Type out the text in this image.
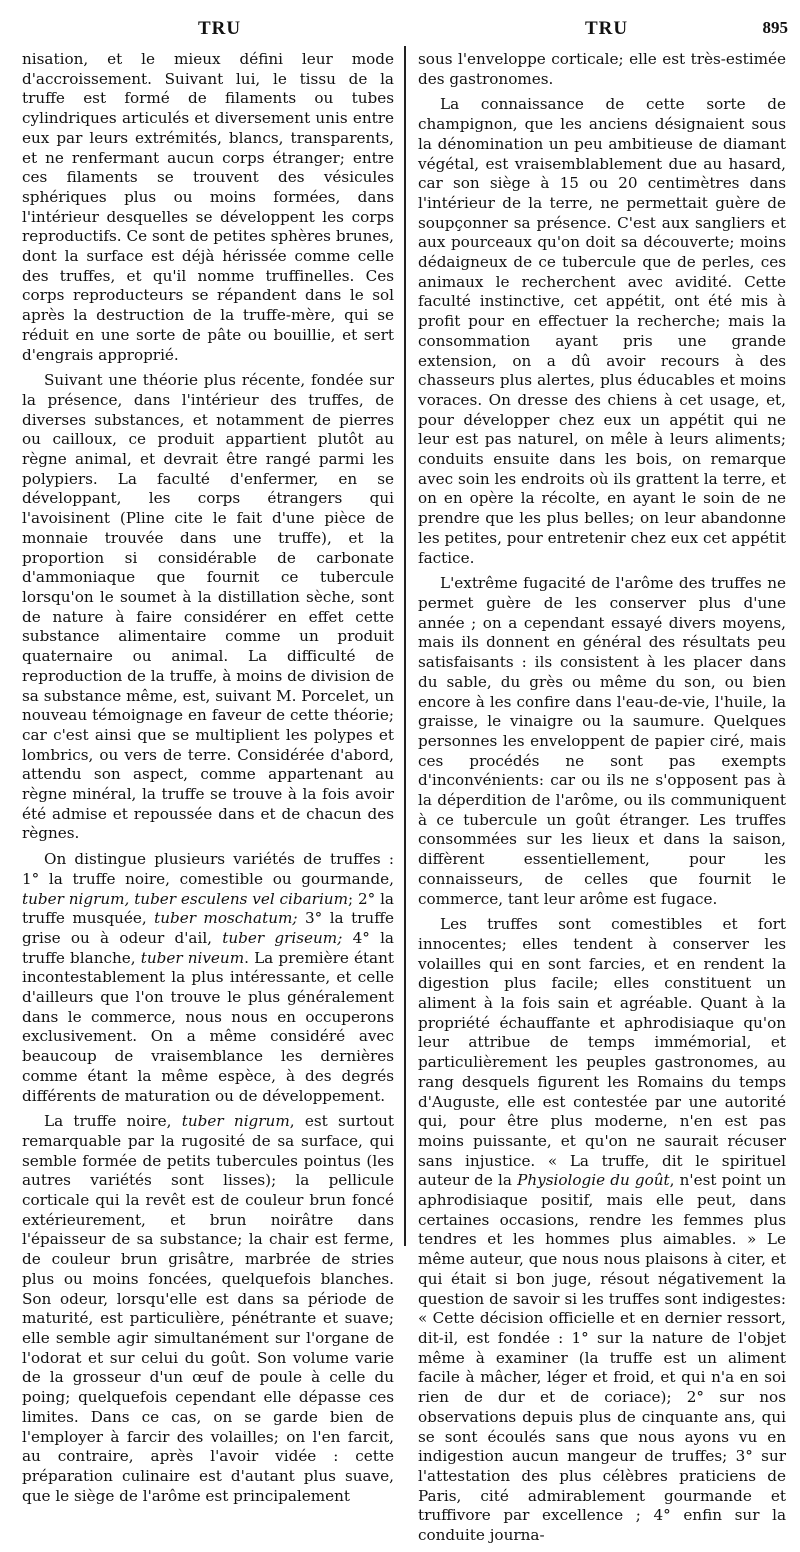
TRU	TRU	895

nisation, et le mieux défini leur mode d'accroissement. Suivant lui, le tissu de la truffe est formé de filaments ou tubes cylindriques articulés et diversement unis entre eux par leurs extrémités, blancs, transparents, et ne renfermant aucun corps étranger; entre ces filaments se trouvent des vésicules sphériques plus ou moins formées, dans l'intérieur desquelles se développent les corps reproductifs. Ce sont de petites sphères brunes, dont la surface est déjà hérissée comme celle des truffes, et qu'il nomme truffinelles. Ces corps reproducteurs se répandent dans le sol après la destruction de la truffe-mère, qui se réduit en une sorte de pâte ou bouillie, et sert d'engrais approprié.

Suivant une théorie plus récente, fondée sur la présence, dans l'intérieur des truffes, de diverses substances, et notamment de pierres ou cailloux, ce produit appartient plutôt au règne animal, et devrait être rangé parmi les polypiers. La faculté d'enfermer, en se développant, les corps étrangers qui l'avoisinent (Pline cite le fait d'une pièce de monnaie trouvée dans une truffe), et la proportion si considérable de carbonate d'ammoniaque que fournit ce tubercule lorsqu'on le soumet à la distillation sèche, sont de nature à faire considérer en effet cette substance alimentaire comme un produit quaternaire ou animal. La difficulté de reproduction de la truffe, à moins de division de sa substance même, est, suivant M. Porcelet, un nouveau témoignage en faveur de cette théorie; car c'est ainsi que se multiplient les polypes et lombrics, ou vers de terre. Considérée d'abord, attendu son aspect, comme appartenant au règne minéral, la truffe se trouve à la fois avoir été admise et repoussée dans et de chacun des règnes.

On distingue plusieurs variétés de truffes : 1° la truffe noire, comestible ou gourmande, tuber nigrum, tuber esculens vel cibarium; 2° la truffe musquée, tuber moschatum; 3° la truffe grise ou à odeur d'ail, tuber griseum; 4° la truffe blanche, tuber niveum. La première étant incontestablement la plus intéressante, et celle d'ailleurs que l'on trouve le plus généralement dans le commerce, nous nous en occuperons exclusivement. On a même considéré avec beaucoup de vraisemblance les dernières comme étant la même espèce, à des degrés différents de maturation ou de développement.

La truffe noire, tuber nigrum, est surtout remarquable par la rugosité de sa surface, qui semble formée de petits tubercules pointus (les autres variétés sont lisses); la pellicule corticale qui la revêt est de couleur brun foncé extérieurement, et brun noirâtre dans l'épaisseur de sa substance; la chair est ferme, de couleur brun grisâtre, marbrée de stries plus ou moins foncées, quelquefois blanches. Son odeur, lorsqu'elle est dans sa période de maturité, est particulière, pénétrante et suave; elle semble agir simultanément sur l'organe de l'odorat et sur celui du goût. Son volume varie de la grosseur d'un œuf de poule à celle du poing; quelquefois cependant elle dépasse ces limites. Dans ce cas, on se garde bien de l'employer à farcir des volailles; on l'en farcit, au contraire, après l'avoir vidée : cette préparation culinaire est d'autant plus suave, que le siège de l'arôme est principalement

sous l'enveloppe corticale; elle est très-estimée des gastronomes.

La connaissance de cette sorte de champignon, que les anciens désignaient sous la dénomination un peu ambitieuse de diamant végétal, est vraisemblablement due au hasard, car son siège à 15 ou 20 centimètres dans l'intérieur de la terre, ne permettait guère de soupçonner sa présence. C'est aux sangliers et aux pourceaux qu'on doit sa découverte; moins dédaigneux de ce tubercule que de perles, ces animaux le recherchent avec avidité. Cette faculté instinctive, cet appétit, ont été mis à profit pour en effectuer la recherche; mais la consommation ayant pris une grande extension, on a dû avoir recours à des chasseurs plus alertes, plus éducables et moins voraces. On dresse des chiens à cet usage, et, pour développer chez eux un appétit qui ne leur est pas naturel, on mêle à leurs aliments; conduits ensuite dans les bois, on remarque avec soin les endroits où ils grattent la terre, et on en opère la récolte, en ayant le soin de ne prendre que les plus belles; on leur abandonne les petites, pour entretenir chez eux cet appétit factice.

L'extrême fugacité de l'arôme des truffes ne permet guère de les conserver plus d'une année ; on a cependant essayé divers moyens, mais ils donnent en général des résultats peu satisfaisants : ils consistent à les placer dans du sable, du grès ou même du son, ou bien encore à les confire dans l'eau-de-vie, l'huile, la graisse, le vinaigre ou la saumure. Quelques personnes les enveloppent de papier ciré, mais ces procédés ne sont pas exempts d'inconvénients: car ou ils ne s'opposent pas à la déperdition de l'arôme, ou ils communiquent à ce tubercule un goût étranger. Les truffes consommées sur les lieux et dans la saison, diffèrent essentiellement, pour les connaisseurs, de celles que fournit le commerce, tant leur arôme est fugace.

Les truffes sont comestibles et fort innocentes; elles tendent à conserver les volailles qui en sont farcies, et en rendent la digestion plus facile; elles constituent un aliment à la fois sain et agréable. Quant à la propriété échauffante et aphrodisiaque qu'on leur attribue de temps immémorial, et particulièrement les peuples gastronomes, au rang desquels figurent les Romains du temps d'Auguste, elle est contestée par une autorité qui, pour être plus moderne, n'en est pas moins puissante, et qu'on ne saurait récuser sans injustice. « La truffe, dit le spirituel auteur de la Physiologie du goût, n'est point un aphrodisiaque positif, mais elle peut, dans certaines occasions, rendre les femmes plus tendres et les hommes plus aimables. » Le même auteur, que nous nous plaisons à citer, et qui était si bon juge, résout négativement la question de savoir si les truffes sont indigestes: « Cette décision officielle et en dernier ressort, dit-il, est fondée : 1° sur la nature de l'objet même à examiner (la truffe est un aliment facile à mâcher, léger et froid, et qui n'a en soi rien de dur et de coriace); 2° sur nos observations depuis plus de cinquante ans, qui se sont écoulés sans que nous ayons vu en indigestion aucun mangeur de truffes; 3° sur l'attestation des plus célèbres praticiens de Paris, cité admirablement gourmande et truffivore par excellence ; 4° enfin sur la conduite journa-
